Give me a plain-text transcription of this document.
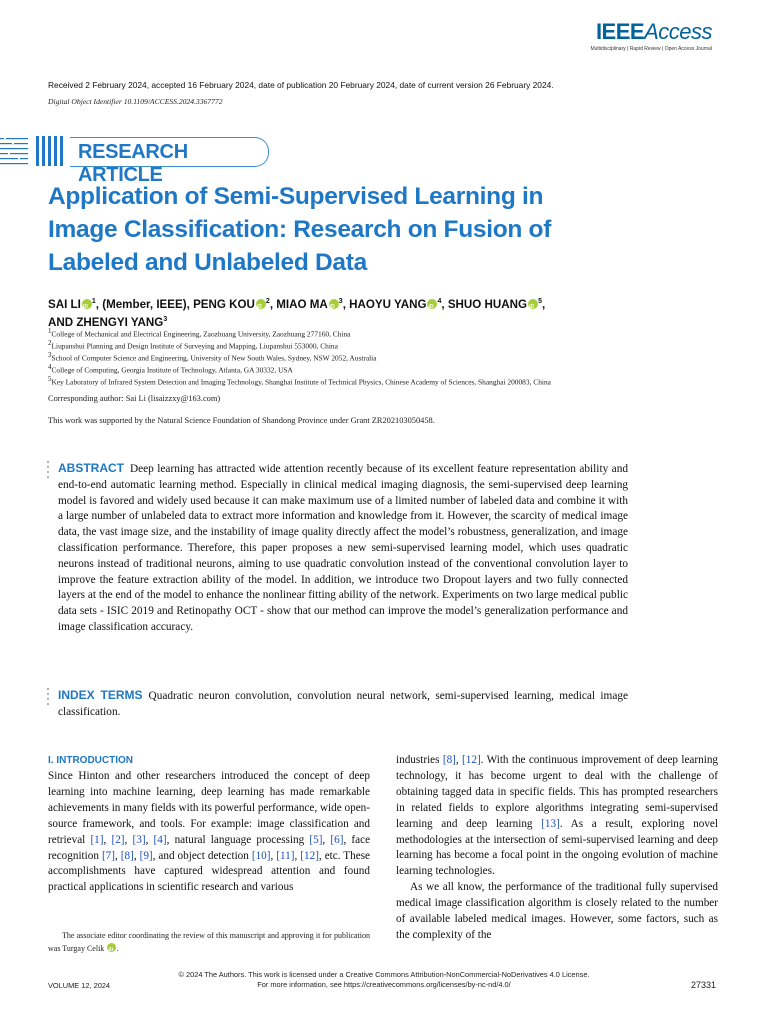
IEEEAccess
Multidisciplinary | Rapid Review | Open Access Journal
Received 2 February 2024, accepted 16 February 2024, date of publication 20 February 2024, date of current version 26 February 2024.
Digital Object Identifier 10.1109/ACCESS.2024.3367772
RESEARCH ARTICLE
Application of Semi-Supervised Learning in Image Classification: Research on Fusion of Labeled and Unlabeled Data
SAI LI iD $^1$, (Member, IEEE), PENG KOU iD $^2$, MIAO MA iD $^3$, HAOYU YANG iD $^4$, SHUO HUANG iD $^5$,
AND ZHENGYI YANG$^3$
$^1$College of Mechanical and Electrical Engineering, Zaozhuang University, Zaozhuang 277160, China
$^2$Liupanshui Planning and Design Institute of Surveying and Mapping, Liupanshui 553000, China
$^3$School of Computer Science and Engineering, University of New South Wales, Sydney, NSW 2052, Australia
$^4$College of Computing, Georgia Institute of Technology, Atlanta, GA 30332, USA
$^5$Key Laboratory of Infrared System Detection and Imaging Technology, Shanghai Institute of Technical Physics, Chinese Academy of Sciences, Shanghai 200083, China
Corresponding author: Sai Li (lisaizzxy@163.com)
This work was supported by the Natural Science Foundation of Shandong Province under Grant ZR202103050458.
ABSTRACT Deep learning has attracted wide attention recently because of its excellent feature representation ability and end-to-end automatic learning method. Especially in clinical medical imaging diagnosis, the semi-supervised deep learning model is favored and widely used because it can make maximum use of a limited number of labeled data and combine it with a large number of unlabeled data to extract more information and knowledge from it. However, the scarcity of medical image data, the vast image size, and the instability of image quality directly affect the model’s robustness, generalization, and image classification performance. Therefore, this paper proposes a new semi-supervised learning model, which uses quadratic neurons instead of traditional neurons, aiming to use quadratic convolution instead of the conventional convolution layer to improve the feature extraction ability of the model. In addition, we introduce two Dropout layers and two fully connected layers at the end of the model to enhance the nonlinear fitting ability of the network. Experiments on two large medical public data sets - ISIC 2019 and Retinopathy OCT - show that our method can improve the model’s generalization performance and image classification accuracy.
INDEX TERMS Quadratic neuron convolution, convolution neural network, semi-supervised learning, medical image classification.
I. INTRODUCTION
Since Hinton and other researchers introduced the concept of deep learning into machine learning, deep learning has made remarkable achievements in many fields with its powerful performance, wide open-source framework, and tools. For example: image classification and retrieval [1], [2], [3], [4], natural language processing [5], [6], face recognition [7], [8], [9], and object detection [10], [11], [12], etc. These accomplishments have captured widespread attention and found practical applications in scientific research and various

industries [8], [12]. With the continuous improvement of deep learning technology, it has become urgent to deal with the challenge of obtaining tagged data in specific fields. This has prompted researchers in related fields to explore algorithms integrating semi-supervised learning and deep learning [13]. As a result, exploring novel methodologies at the intersection of semi-supervised learning and deep learning has become a focal point in the ongoing evolution of machine learning technologies.

As we all know, the performance of the traditional fully supervised medical image classification algorithm is closely related to the number of available labeled medical images. However, some factors, such as the complexity of the

The associate editor coordinating the review of this manuscript and approving it for publication was Turgay Celik iD .
© 2024 The Authors. This work is licensed under a Creative Commons Attribution-NonCommercial-NoDerivatives 4.0 License.
For more information, see https://creativecommons.org/licenses/by-nc-nd/4.0/
VOLUME 12, 2024	27331
